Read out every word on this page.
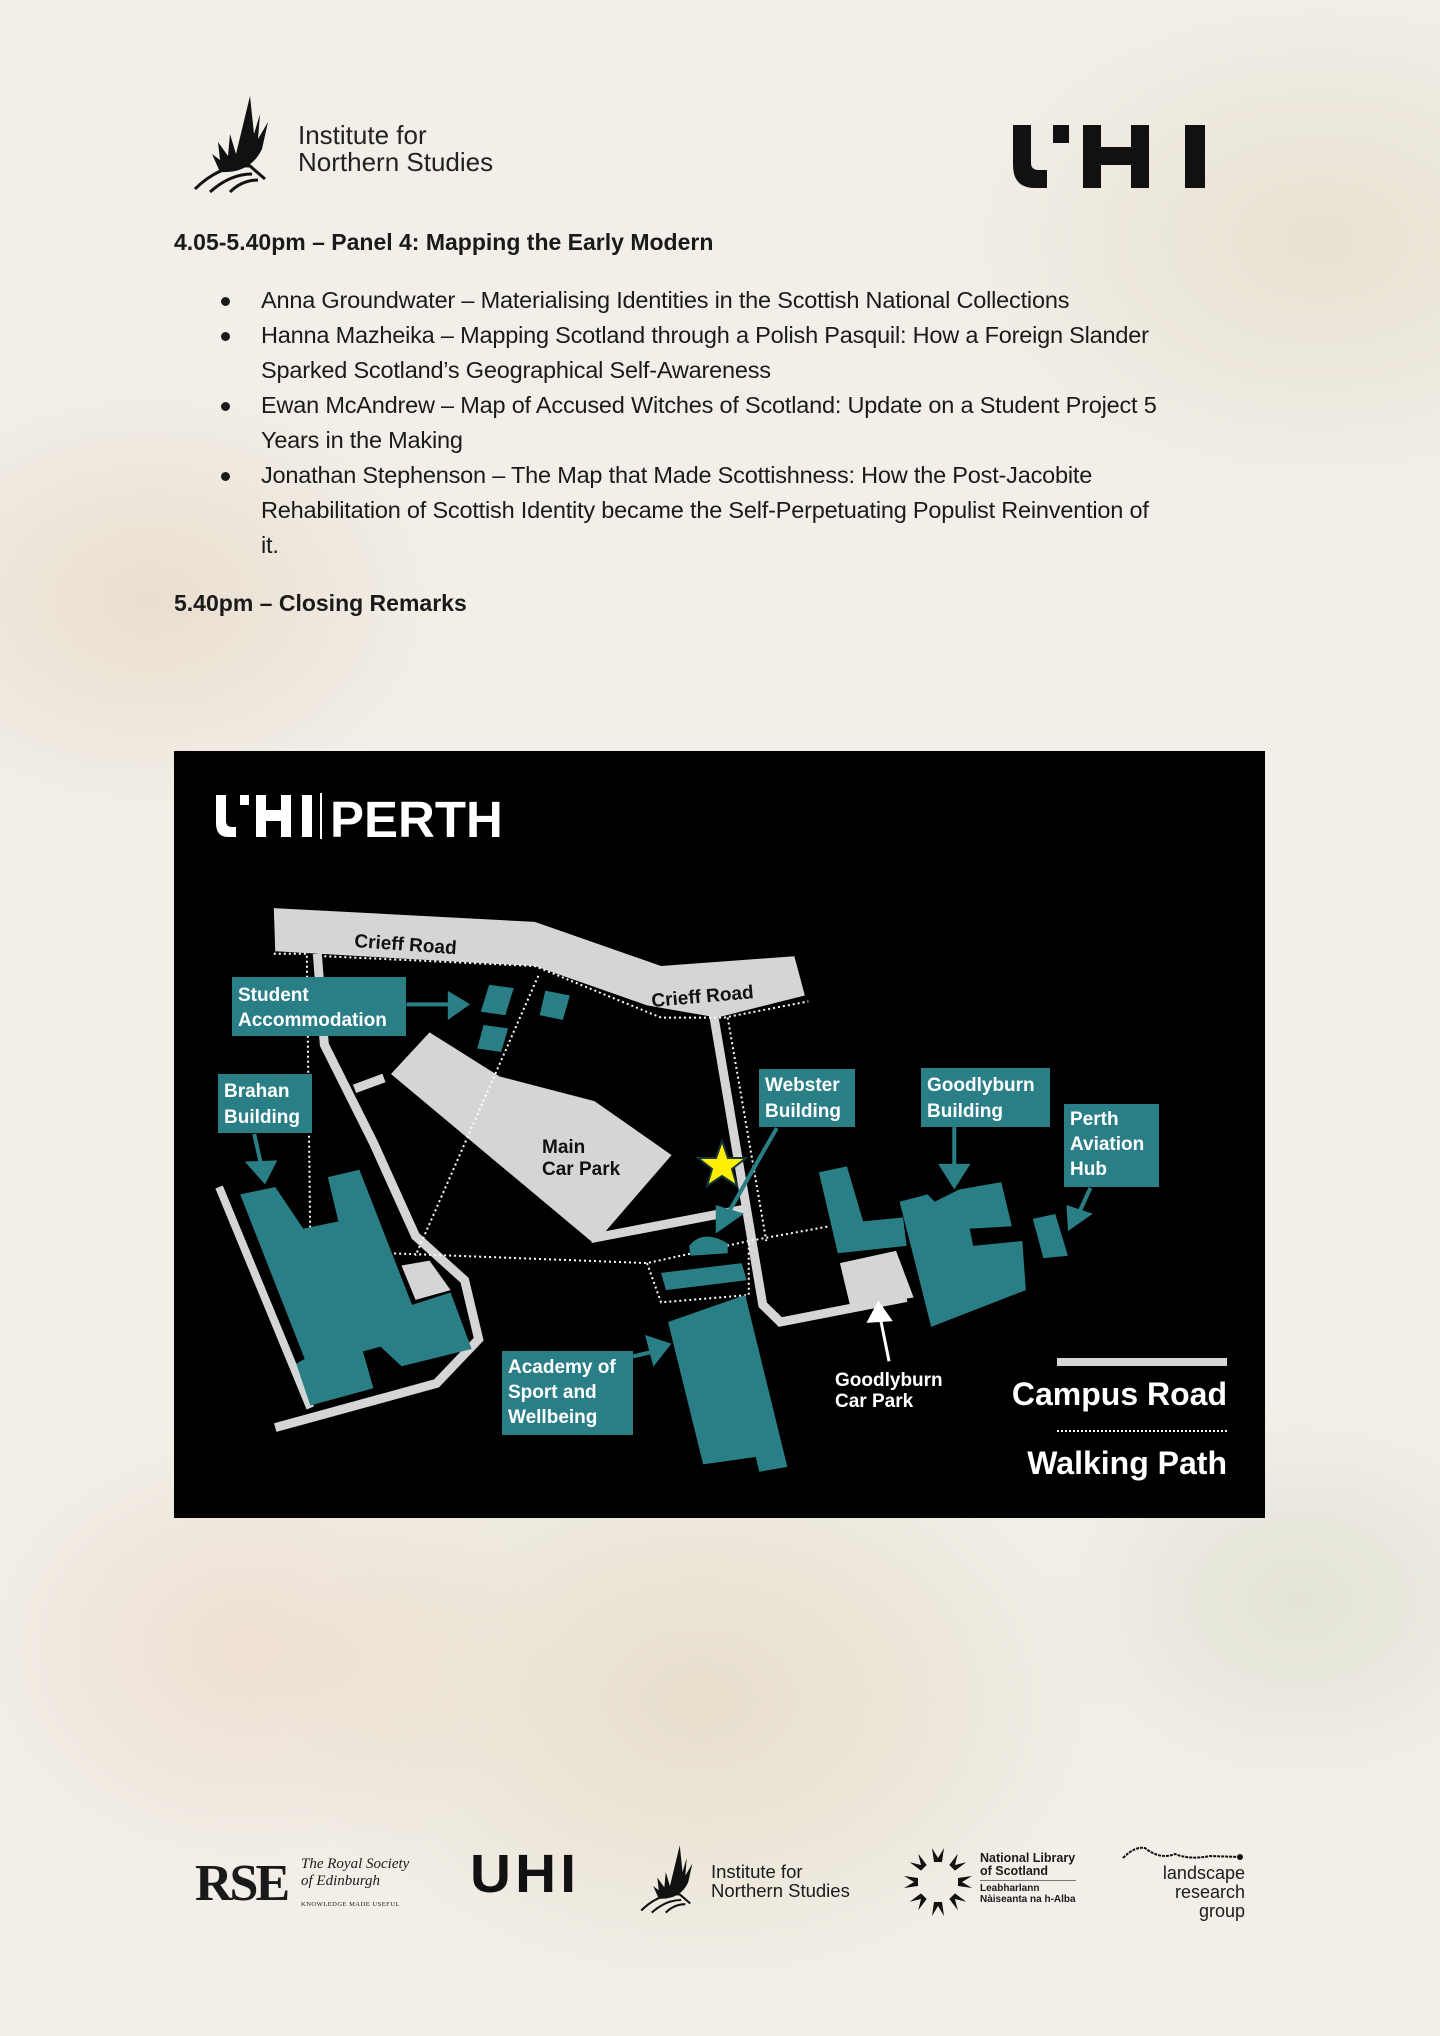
Institute for
Northern Studies
4.05-5.40pm – Panel 4: Mapping the Early Modern
Anna Groundwater – Materialising Identities in the Scottish National Collections
Hanna Mazheika – Mapping Scotland through a Polish Pasquil: How a Foreign Slander
Sparked Scotland’s Geographical Self-Awareness
Ewan McAndrew – Map of Accused Witches of Scotland: Update on a Student Project 5
Years in the Making
Jonathan Stephenson – The Map that Made Scottishness: How the Post-Jacobite
Rehabilitation of Scottish Identity became the Self-Perpetuating Populist Reinvention of
it.
5.40pm – Closing Remarks
PERTH
Crieff Road
Crieff Road
Student
Accommodation
Brahan
Building
Webster
Building
Goodlyburn
Building	Perth
Aviation
Hub
Academy of
Sport and
Wellbeing
Main
Car Park
Goodlyburn
Car Park	Campus Road
Walking Path
RSE The Royal Society
of Edinburgh
KNOWLEDGE MADE USEFUL
UHI	Institute for
Northern Studies
National Library
of Scotland
Leabharlann
Nàiseanta na h-Alba
landscape
research
group
